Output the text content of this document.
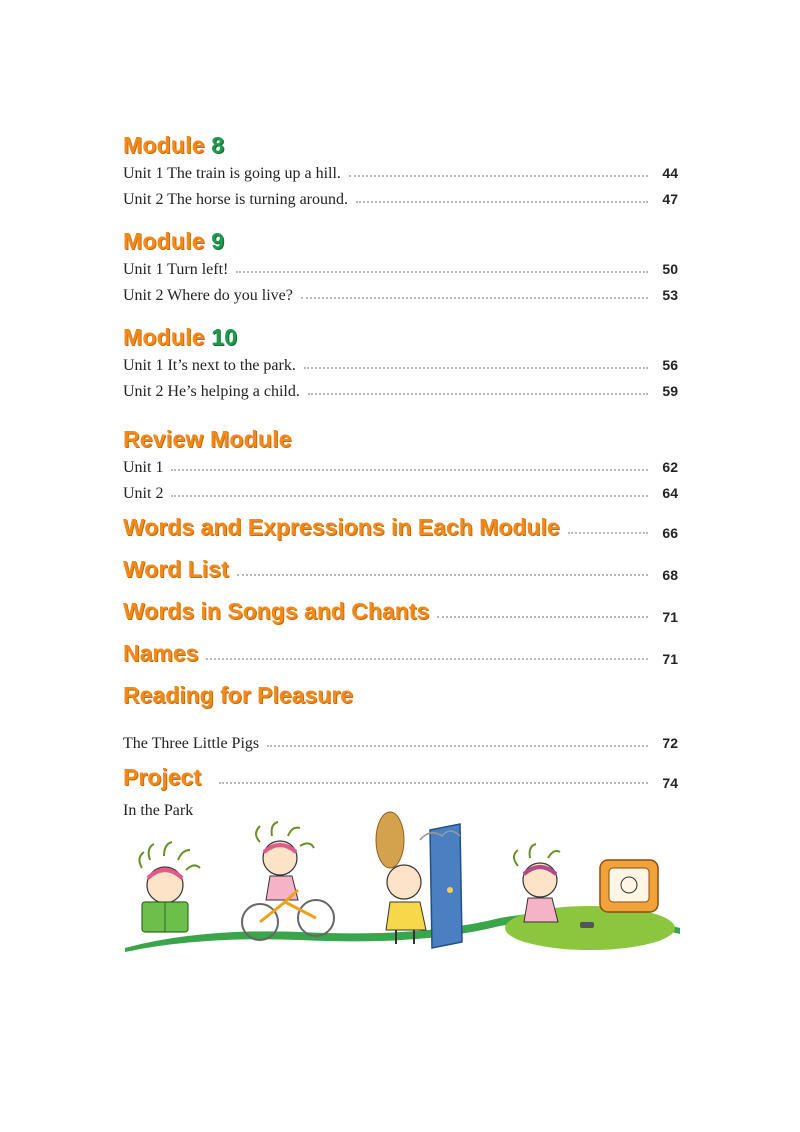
Module 8
Unit 1 The train is going up a hill.	44
Unit 2 The horse is turning around.	47
Module 9
Unit 1 Turn left!	50
Unit 2 Where do you live?	53
Module 10
Unit 1 It’s next to the park.	56
Unit 2 He’s helping a child.	59
Review Module
Unit 1	62
Unit 2	64
Words and Expressions in Each Module	66
Word List	68
Words in Songs and Chants	71
Names	71
Reading for Pleasure
The Three Little Pigs	72
Project	74
In the Park
